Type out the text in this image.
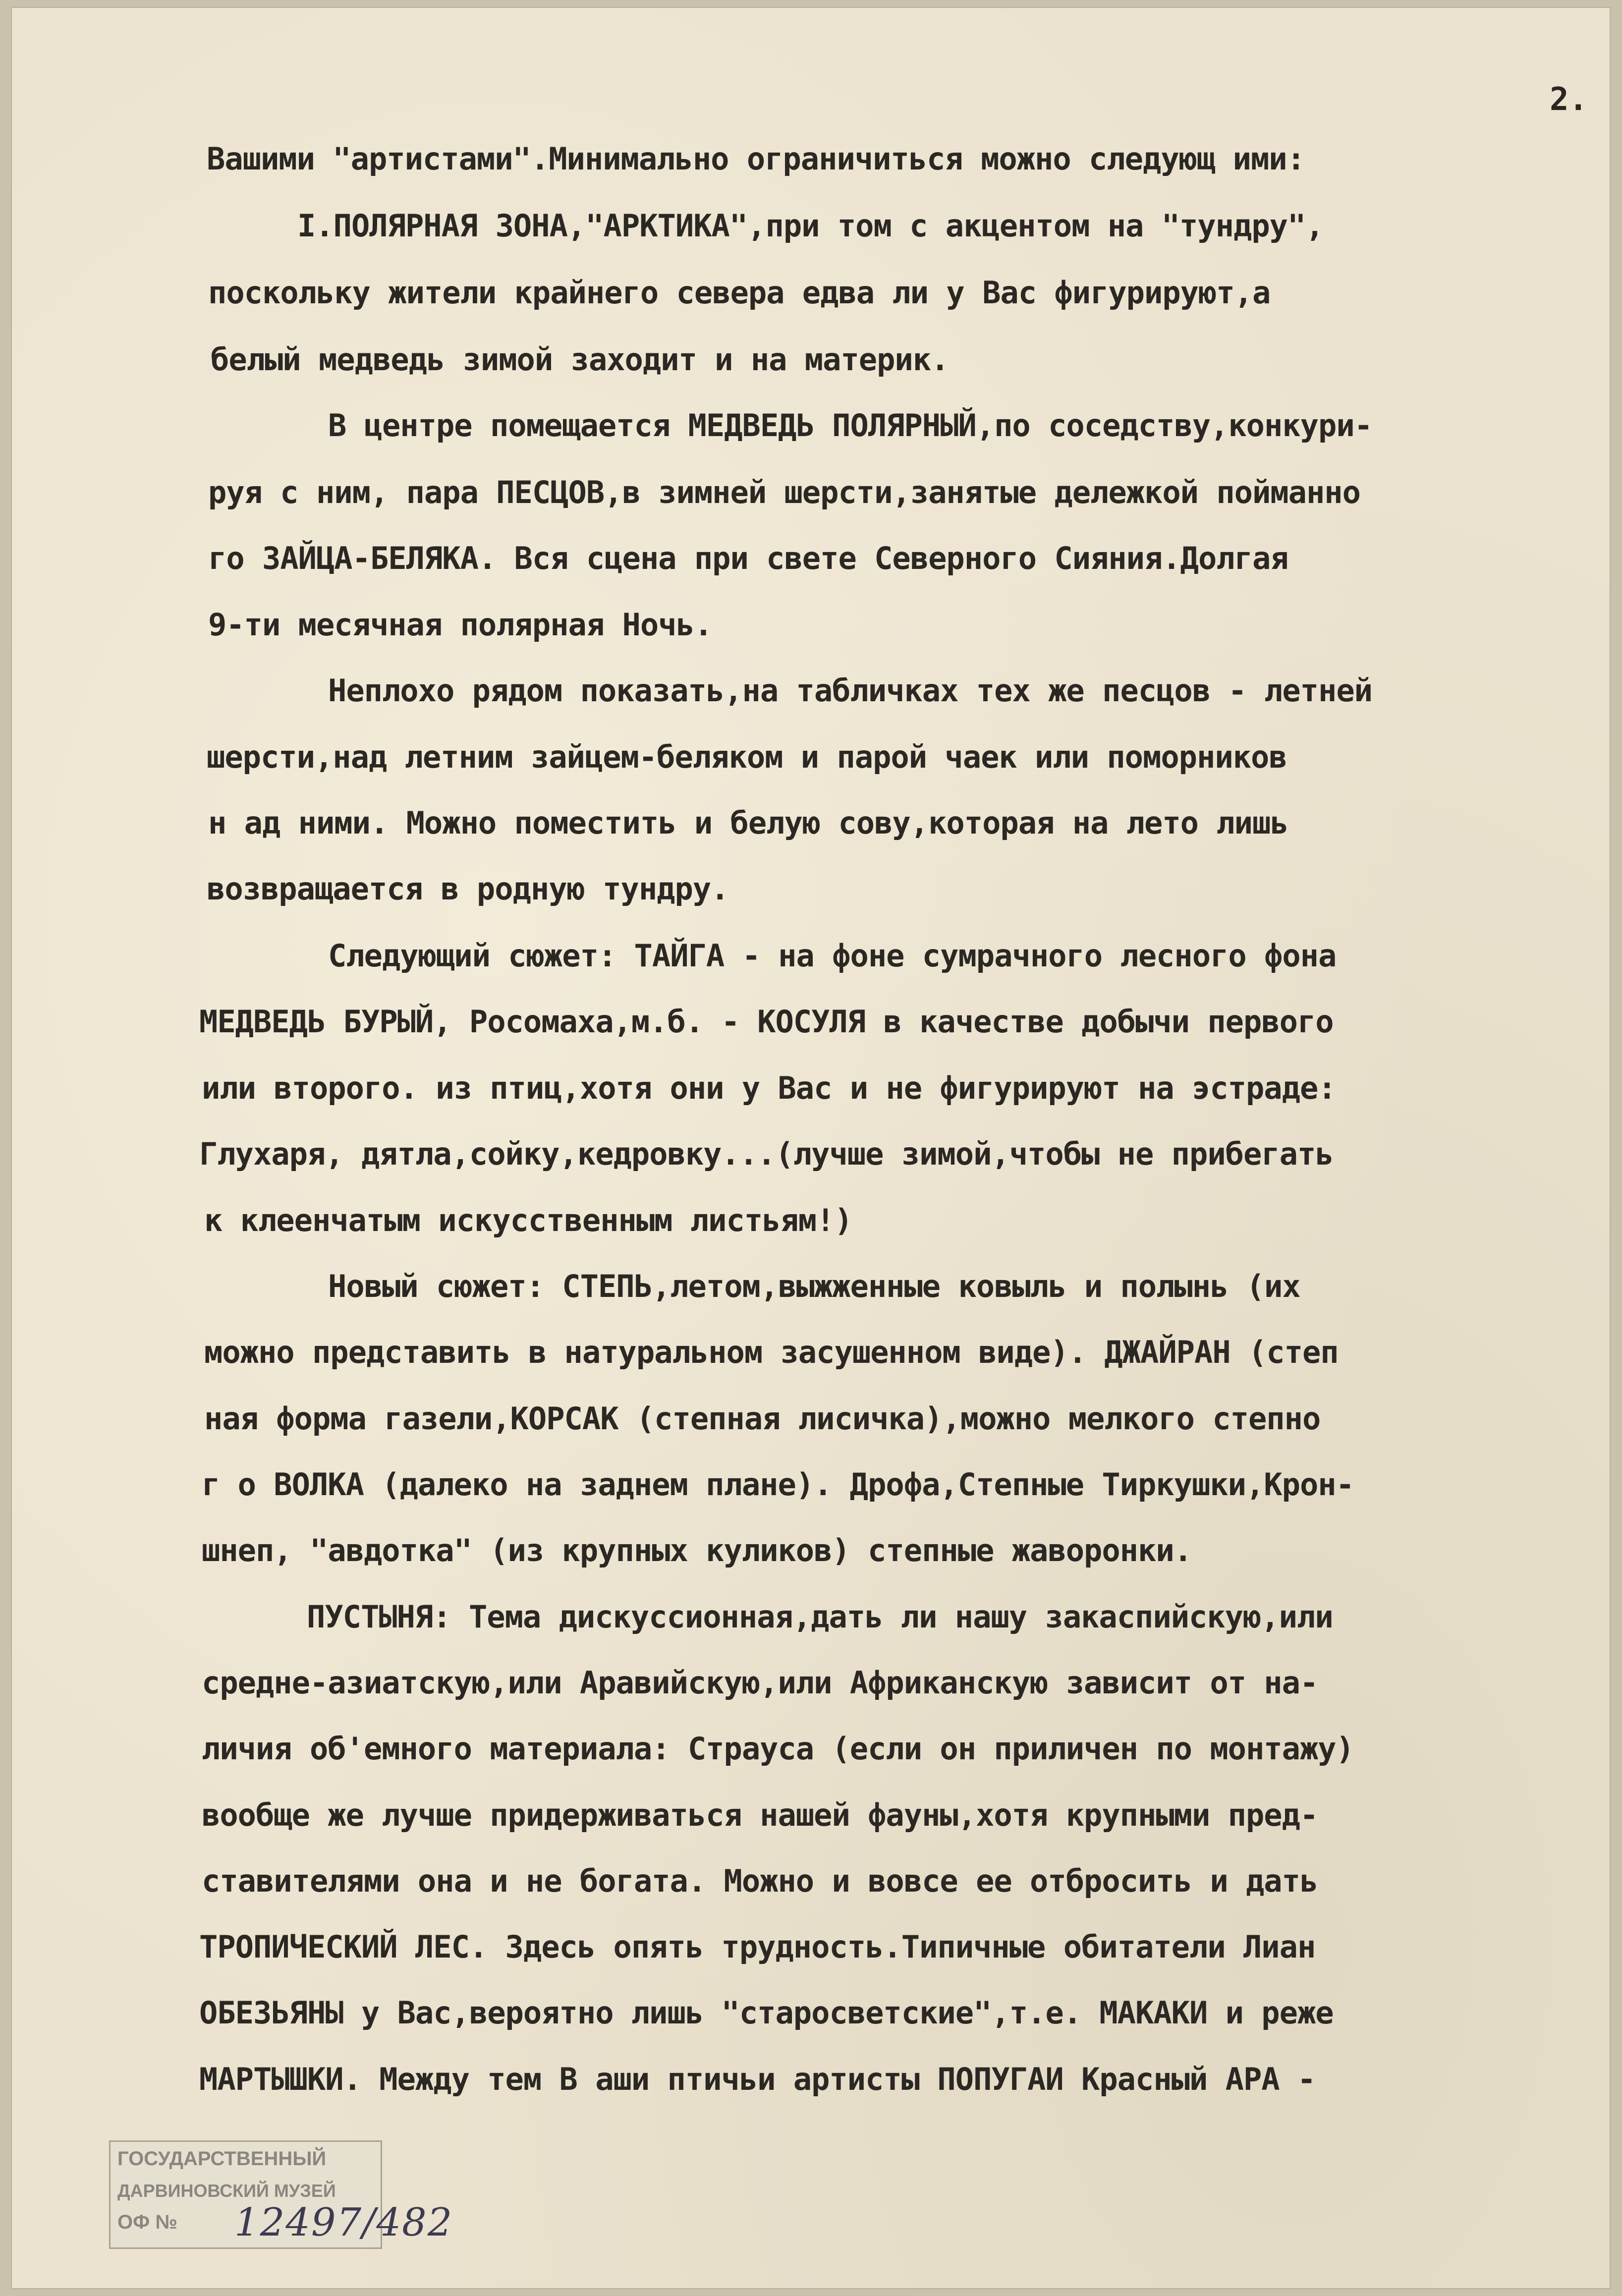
2.

Вашими "артистами".Минимально ограничиться можно следующ ими:

I.ПОЛЯРНАЯ ЗОНА,"АРКТИКА",при том с акцентом на "тундру",

поскольку жители крайнего севера едва ли у Вас фигурируют,а

белый медведь зимой заходит и на материк.

В центре помещается МЕДВЕДЬ ПОЛЯРНЫЙ,по соседству,конкури-

руя с ним, пара ПЕСЦОВ,в зимней шерсти,занятые дележкой пойманно

го ЗАЙЦА-БЕЛЯКА. Вся сцена при свете Северного Сияния.Долгая

9-ти месячная полярная Ночь.

Неплохо рядом показать,на табличках тех же песцов - летней

шерсти,над летним зайцем-беляком и парой чаек или поморников

н ад ними. Можно поместить и белую сову,которая на лето лишь

возвращается в родную тундру.

Следующий сюжет: ТАЙГА - на фоне сумрачного лесного фона

МЕДВЕДЬ БУРЫЙ, Росомаха,м.б. - КОСУЛЯ в качестве добычи первого

или второго. из птиц,хотя они у Вас и не фигурируют на эстраде:

Глухаря, дятла,сойку,кедровку...(лучше зимой,чтобы не прибегать

к клеенчатым искусственным листьям!)

Новый сюжет: СТЕПЬ,летом,выжженные ковыль и полынь (их

можно представить в натуральном засушенном виде). ДЖАЙРАН (степ

ная форма газели,КОРСАК (степная лисичка),можно мелкого степно

г о ВОЛКА (далеко на заднем плане). Дрофа,Степные Тиркушки,Крон-

шнеп, "авдотка" (из крупных куликов) степные жаворонки.

ПУСТЫНЯ: Тема дискуссионная,дать ли нашу закаспийскую,или

средне-азиатскую,или Аравийскую,или Африканскую зависит от на-

личия об'емного материала: Страуса (если он приличен по монтажу)

вообще же лучше придерживаться нашей фауны,хотя крупными пред-

ставителями она и не богата. Можно и вовсе ее отбросить и дать

ТРОПИЧЕСКИЙ ЛЕС. Здесь опять трудность.Типичные обитатели Лиан

ОБЕЗЬЯНЫ у Вас,вероятно лишь "старосветские",т.е. МАКАКИ и реже

МАРТЫШКИ. Между тем В аши птичьи артисты ПОПУГАИ Красный АРА -

ГОСУДАРСТВЕННЫЙ
ДАРВИНОВСКИЙ МУЗЕЙ
ОФ № 12497/482
